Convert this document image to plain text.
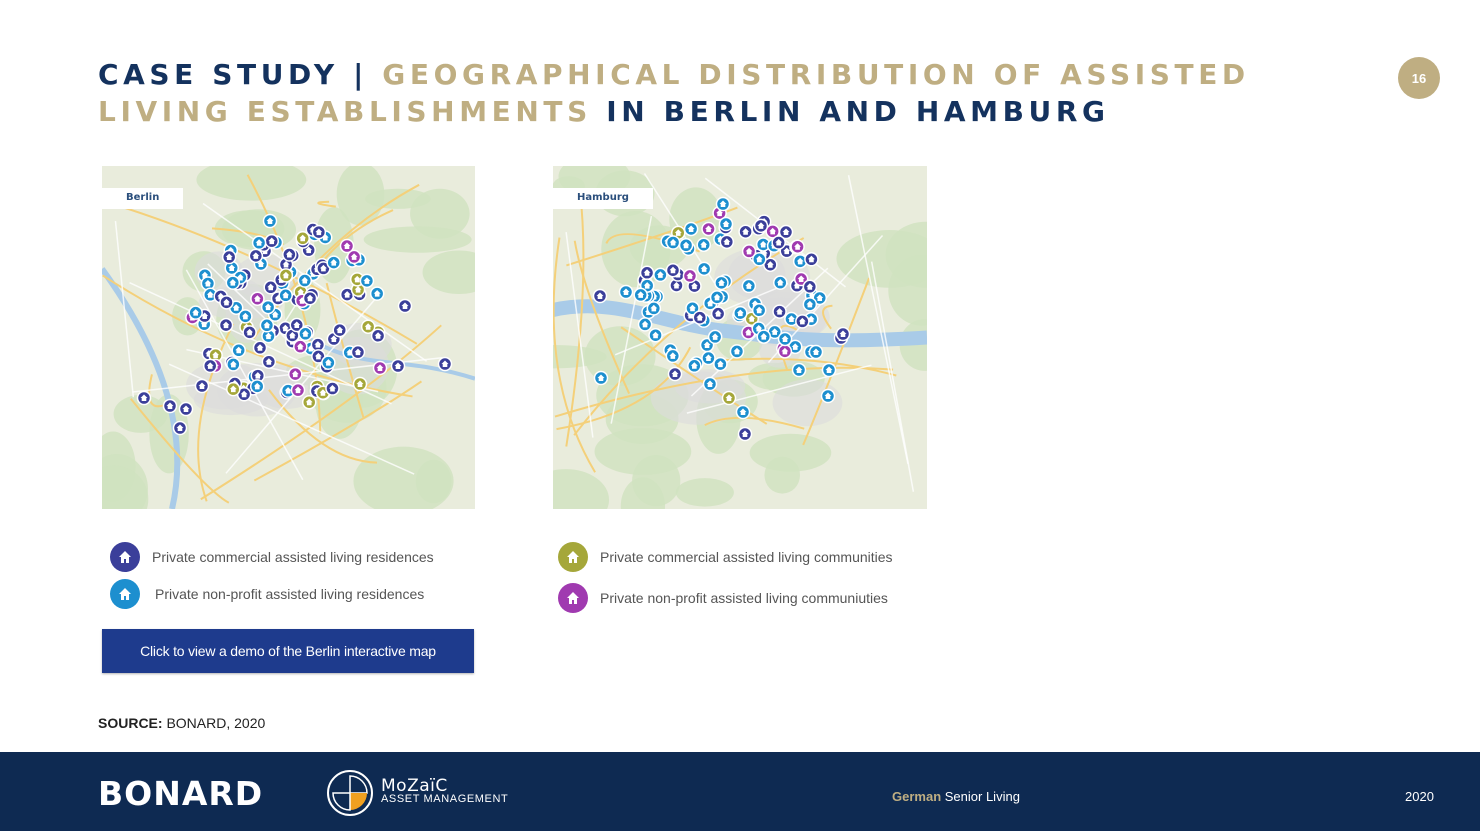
CASE STUDY | GEOGRAPHICAL DISTRIBUTION OF ASSISTED LIVING ESTABLISHMENTS IN BERLIN AND HAMBURG
16
Berlin	Hamburg
Private commercial assisted living residences
Private non-profit assisted living residences
Private commercial assisted living communities
Private non-profit assisted living communiuties
Click to view a demo of the Berlin interactive map
SOURCE: BONARD, 2020
BONARD	MoZaïC
ASSET MANAGEMENT	German Senior Living	2020
